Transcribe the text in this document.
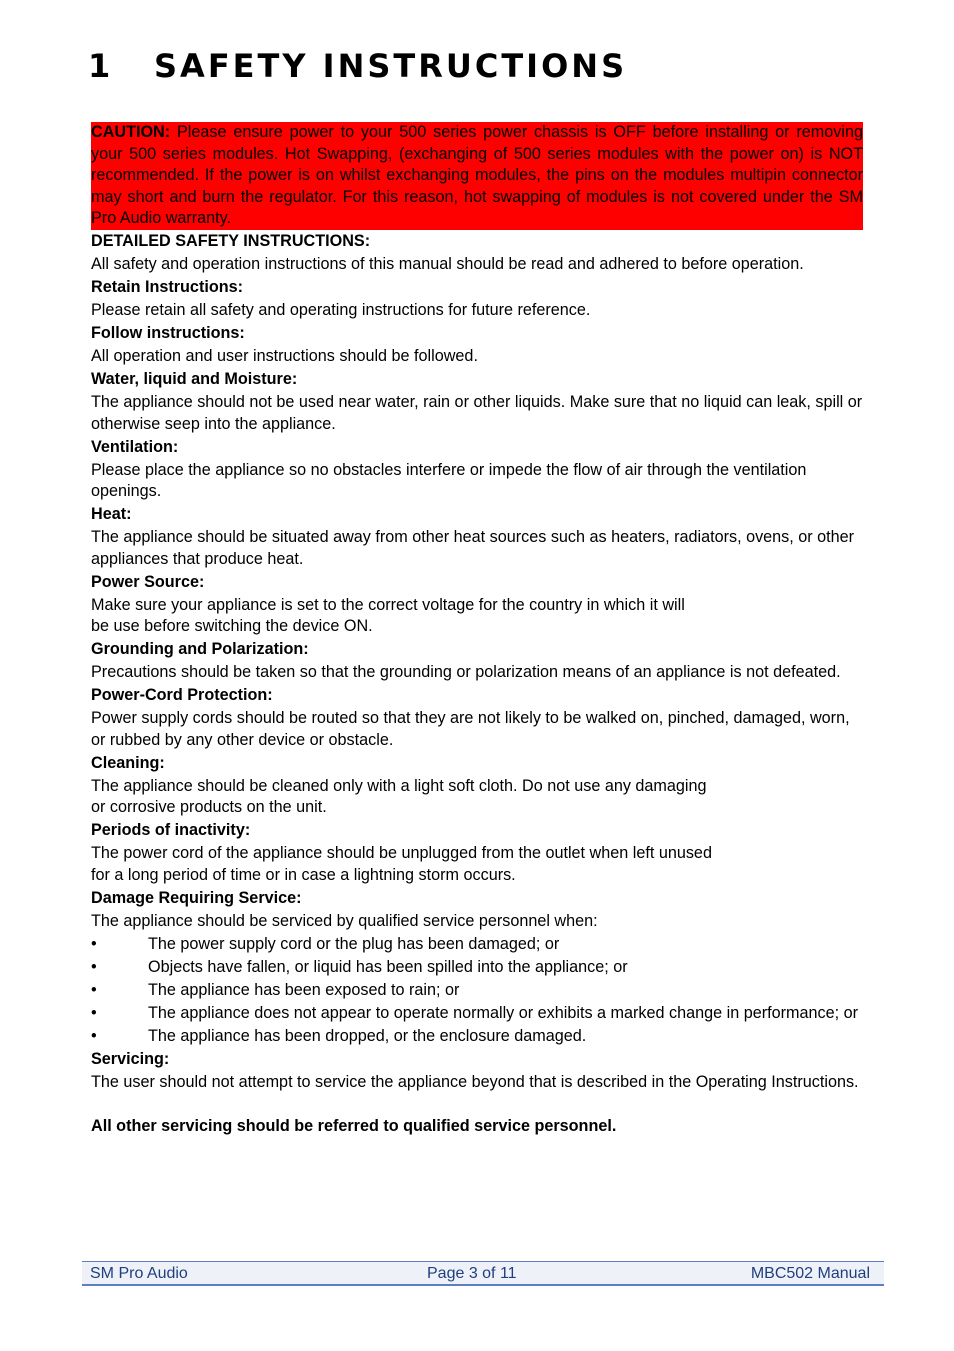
1 SAFETY INSTRUCTIONS
CAUTION: Please ensure power to your 500 series power chassis is OFF before installing or removing your 500 series modules. Hot Swapping, (exchanging of 500 series modules with the power on) is NOT recommended. If the power is on whilst exchanging modules, the pins on the modules multipin connector may short and burn the regulator. For this reason, hot swapping of modules is not covered under the SM Pro Audio warranty.
DETAILED SAFETY INSTRUCTIONS:
All safety and operation instructions of this manual should be read and adhered to before operation.
Retain Instructions:
Please retain all safety and operating instructions for future reference.
Follow instructions:
All operation and user instructions should be followed.
Water, liquid and Moisture:
The appliance should not be used near water, rain or other liquids. Make sure that no liquid can leak, spill or otherwise seep into the appliance.
Ventilation:
Please place the appliance so no obstacles interfere or impede the flow of air through the ventilation openings.
Heat:
The appliance should be situated away from other heat sources such as heaters, radiators, ovens, or other appliances that produce heat.
Power Source:
Make sure your appliance is set to the correct voltage for the country in which it will
be use before switching the device ON.
Grounding and Polarization:
Precautions should be taken so that the grounding or polarization means of an appliance is not defeated.
Power-Cord Protection:
Power supply cords should be routed so that they are not likely to be walked on, pinched, damaged, worn, or rubbed by any other device or obstacle.
Cleaning:
The appliance should be cleaned only with a light soft cloth. Do not use any damaging
or corrosive products on the unit.
Periods of inactivity:
The power cord of the appliance should be unplugged from the outlet when left unused
for a long period of time or in case a lightning storm occurs.
Damage Requiring Service:
The appliance should be serviced by qualified service personnel when:
•	The power supply cord or the plug has been damaged; or
•	Objects have fallen, or liquid has been spilled into the appliance; or
•	The appliance has been exposed to rain; or
•	The appliance does not appear to operate normally or exhibits a marked change in performance; or
•	The appliance has been dropped, or the enclosure damaged.
Servicing:
The user should not attempt to service the appliance beyond that is described in the Operating Instructions.
All other servicing should be referred to qualified service personnel.
SM Pro Audio	Page 3 of 11	MBC502 Manual
